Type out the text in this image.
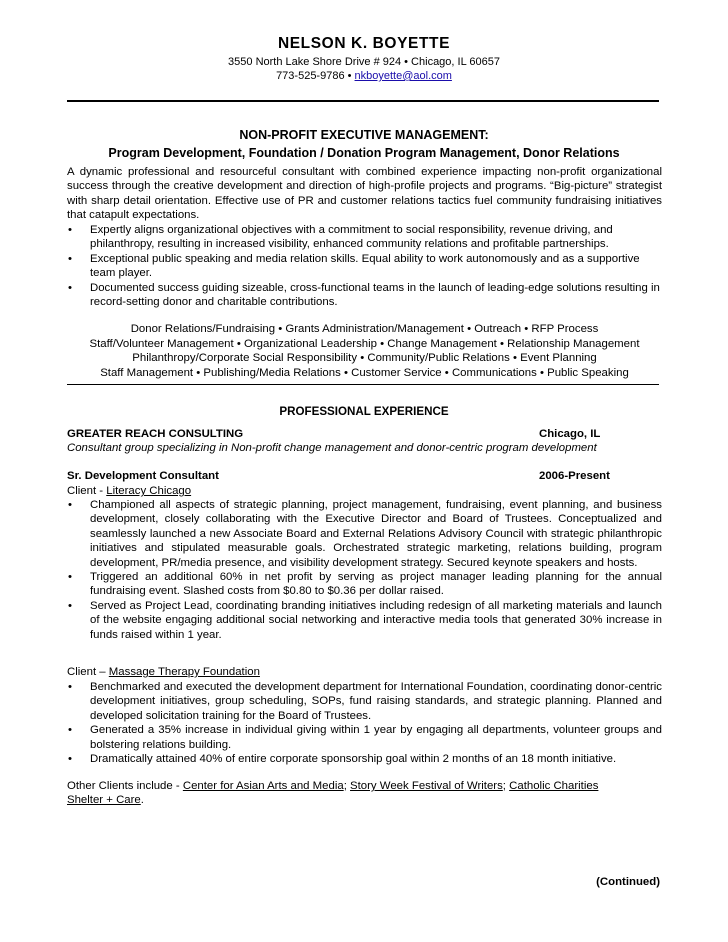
NELSON K. BOYETTE
3550 North Lake Shore Drive # 924 • Chicago, IL 60657
773-525-9786 • nkboyette@aol.com
NON-PROFIT EXECUTIVE MANAGEMENT:
Program Development, Foundation / Donation Program Management, Donor Relations
A dynamic professional and resourceful consultant with combined experience impacting non-profit organizational success through the creative development and direction of high-profile projects and programs. “Big-picture” strategist with sharp detail orientation. Effective use of PR and customer relations tactics fuel community fundraising initiatives that catapult expectations.
• Expertly aligns organizational objectives with a commitment to social responsibility, revenue driving, and philanthropy, resulting in increased visibility, enhanced community relations and profitable partnerships.
• Exceptional public speaking and media relation skills. Equal ability to work autonomously and as a supportive team player.
• Documented success guiding sizeable, cross-functional teams in the launch of leading-edge solutions resulting in record-setting donor and charitable contributions.
Donor Relations/Fundraising • Grants Administration/Management • Outreach • RFP Process
Staff/Volunteer Management • Organizational Leadership • Change Management • Relationship Management
Philanthropy/Corporate Social Responsibility • Community/Public Relations • Event Planning
Staff Management • Publishing/Media Relations • Customer Service • Communications • Public Speaking
PROFESSIONAL EXPERIENCE
GREATER REACH CONSULTING	Chicago, IL
Consultant group specializing in Non-profit change management and donor-centric program development
Sr. Development Consultant	2006-Present
Client - Literacy Chicago
• Championed all aspects of strategic planning, project management, fundraising, event planning, and business development, closely collaborating with the Executive Director and Board of Trustees. Conceptualized and seamlessly launched a new Associate Board and External Relations Advisory Council with strategic philanthropic initiatives and stipulated measurable goals. Orchestrated strategic marketing, relations building, program development, PR/media presence, and visibility development strategy. Secured keynote speakers and hosts.
• Triggered an additional 60% in net profit by serving as project manager leading planning for the annual fundraising event. Slashed costs from $0.80 to $0.36 per dollar raised.
• Served as Project Lead, coordinating branding initiatives including redesign of all marketing materials and launch of the website engaging additional social networking and interactive media tools that generated 30% increase in funds raised within 1 year.
Client – Massage Therapy Foundation
• Benchmarked and executed the development department for International Foundation, coordinating donor-centric development initiatives, group scheduling, SOPs, fund raising standards, and strategic planning. Planned and developed solicitation training for the Board of Trustees.
• Generated a 35% increase in individual giving within 1 year by engaging all departments, volunteer groups and bolstering relations building.
• Dramatically attained 40% of entire corporate sponsorship goal within 2 months of an 18 month initiative.
Other Clients include - Center for Asian Arts and Media; Story Week Festival of Writers; Catholic Charities Shelter + Care.
(Continued)
